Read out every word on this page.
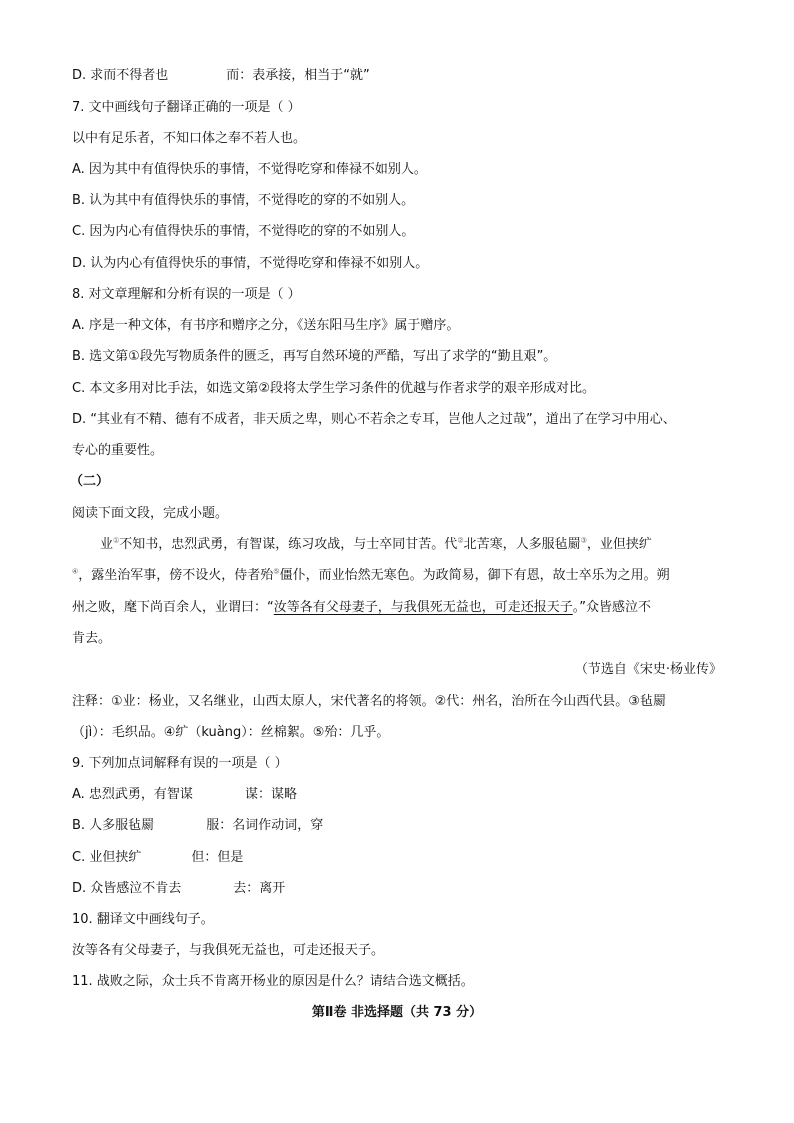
D. 求而不得者也	而：表承接，相当于“就”
7. 文中画线句子翻译正确的一项是（ ）
以中有足乐者，不知口体之奉不若人也。
A. 因为其中有值得快乐的事情，不觉得吃穿和俸禄不如别人。
B. 认为其中有值得快乐的事情，不觉得吃的穿的不如别人。
C. 因为内心有值得快乐的事情，不觉得吃的穿的不如别人。
D. 认为内心有值得快乐的事情，不觉得吃穿和俸禄不如别人。
8. 对文章理解和分析有误的一项是（ ）
A. 序是一种文体，有书序和赠序之分，《送东阳马生序》属于赠序。
B. 选文第①段先写物质条件的匮乏，再写自然环境的严酷，写出了求学的“勤且艰”。
C. 本文多用对比手法，如选文第②段将太学生学习条件的优越与作者求学的艰辛形成对比。
D. “其业有不精、德有不成者，非天质之卑，则心不若余之专耳，岂他人之过哉”，道出了在学习中用心、
专心的重要性。
（二）
阅读下面文段，完成小题。
业①不知书，忠烈武勇，有智谋，练习攻战，与士卒同甘苦。代②北苦寒，人多服毡罽③，业但挟纩
④，露坐治军事，傍不设火，侍者殆⑤僵仆，而业怡然无寒色。为政简易，御下有恩，故士卒乐为之用。朔
州之败，麾下尚百余人，业谓曰：“汝等各有父母妻子，与我俱死无益也，可走还报天子。”众皆感泣不
肯去。
（节选自《宋史·杨业传》
注释：①业：杨业，又名继业，山西太原人，宋代著名的将领。②代：州名，治所在今山西代县。③毡罽
（jì）：毛织品。④纩（kuàng）：丝棉絮。⑤殆：几乎。
9. 下列加点词解释有误的一项是（ ）
A. 忠烈武勇，有智谋	谋：谋略
B. 人多服毡罽	服：名词作动词，穿
C. 业但挟纩	但：但是
D. 众皆感泣不肯去	去：离开
10. 翻译文中画线句子。
汝等各有父母妻子，与我俱死无益也，可走还报天子。
11. 战败之际，众士兵不肯离开杨业的原因是什么？请结合选文概括。
第Ⅱ卷 非选择题（共 73 分）
